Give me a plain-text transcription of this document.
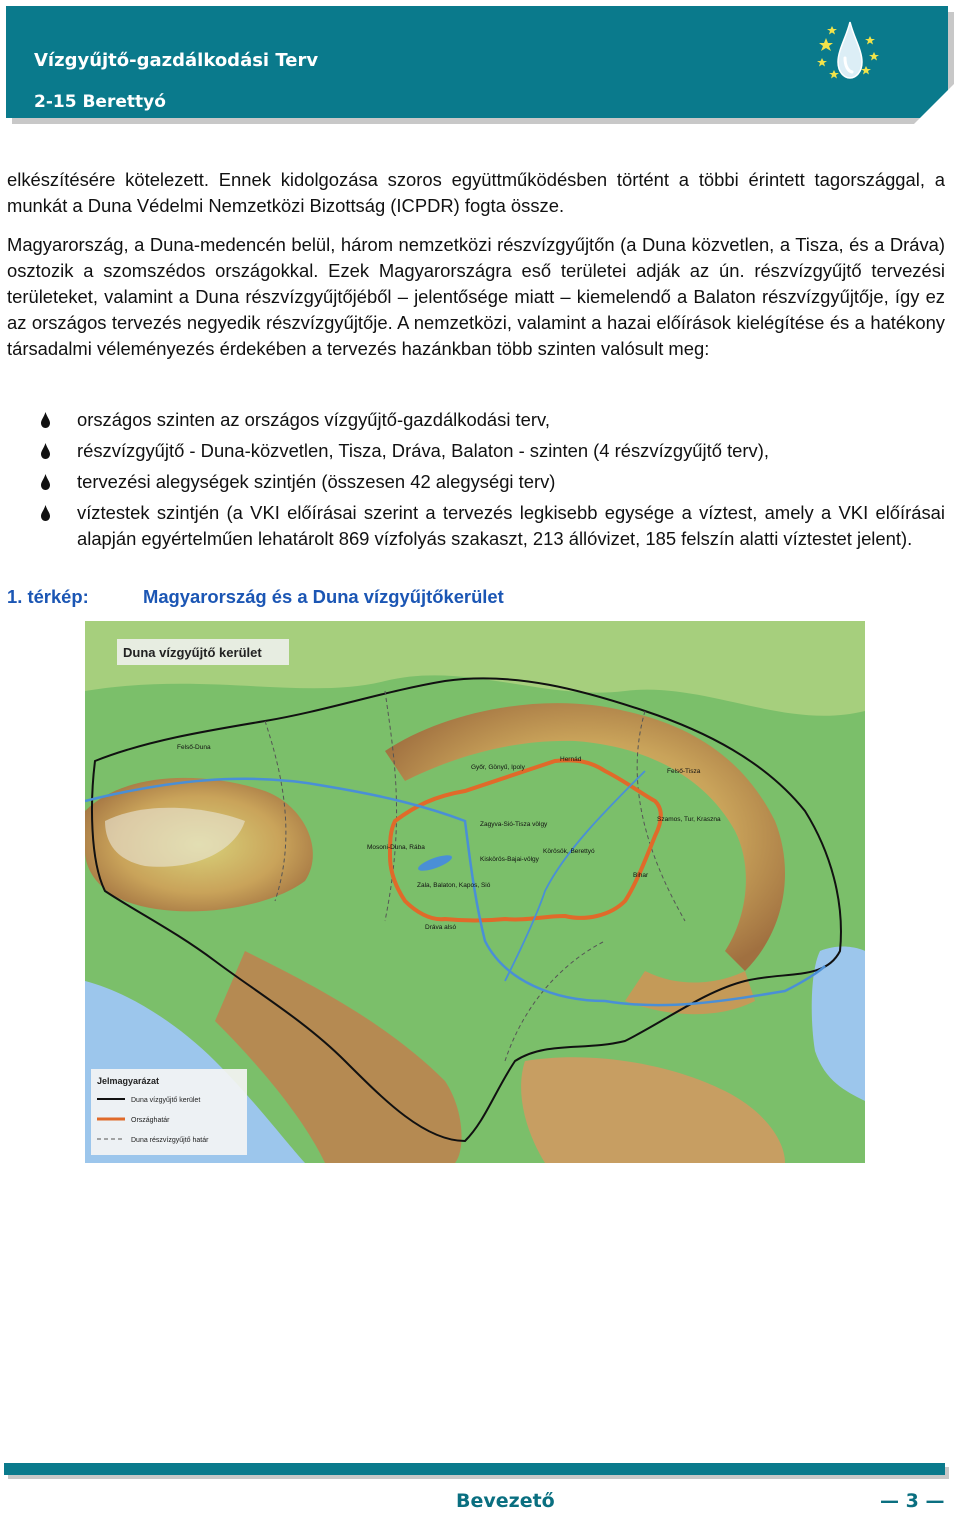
Vízgyűjtő-gazdálkodási Terv
2-15 Berettyó
elkészítésére kötelezett. Ennek kidolgozása szoros együttműködésben történt a többi érintett tagországgal, a munkát a Duna Védelmi Nemzetközi Bizottság (ICPDR) fogta össze.
Magyarország, a Duna-medencén belül, három nemzetközi részvízgyűjtőn (a Duna közvetlen, a Tisza, és a Dráva) osztozik a szomszédos országokkal. Ezek Magyarországra eső területei adják az ún. részvízgyűjtő tervezési területeket, valamint a Duna részvízgyűjtőjéből – jelentősége miatt – kiemelendő a Balaton részvízgyűjtője, így ez az országos tervezés negyedik részvízgyűjtője. A nemzetközi, valamint a hazai előírások kielégítése és a hatékony társadalmi véleményezés érdekében a tervezés hazánkban több szinten valósult meg:
országos szinten az országos vízgyűjtő-gazdálkodási terv,
részvízgyűjtő - Duna-közvetlen, Tisza, Dráva, Balaton - szinten (4 részvízgyűjtő terv),
tervezési alegységek szintjén (összesen 42 alegységi terv)
víztestek szintjén (a VKI előírásai szerint a tervezés legkisebb egysége a víztest, amely a VKI előírásai alapján egyértelműen lehatárolt 869 vízfolyás szakaszt, 213 állóvizet, 185 felszín alatti víztestet jelent).
1. térkép:	Magyarország és a Duna vízgyűjtőkerület
Duna vízgyűjtő kerület
Felső-Duna
Győr, Gönyű, Ipoly
Hernád
Felső-Tisza
Zagyva-Sió-Tisza völgy
Szamos, Tur, Kraszna
Mosoni-Duna, Rába
Kiskörös-Bajai-völgy
Körösök, Berettyó
Bihar
Zala, Balaton, Kapos, Sió
Dráva alsó
Jelmagyarázat
Duna vízgyűjtő kerület
Országhatár
Duna részvízgyűjtő határ
Bevezető	— 3 —
